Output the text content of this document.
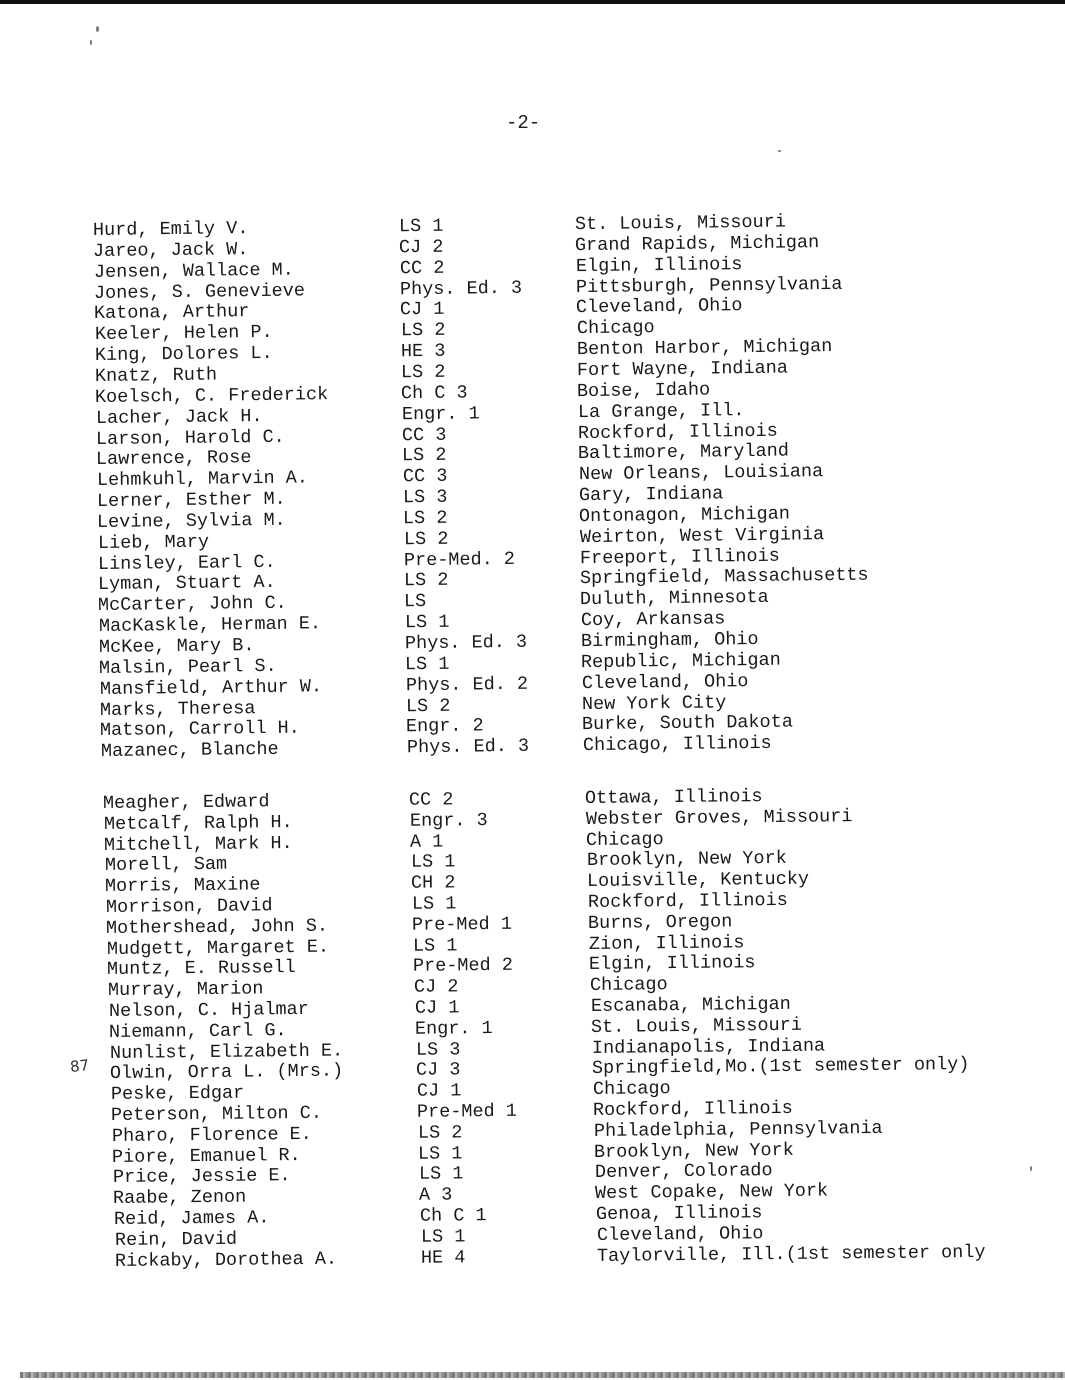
-2-
87
Hurd, Emily V.	LS 1	St. Louis, Missouri
Jareo, Jack W.	CJ 2	Grand Rapids, Michigan
Jensen, Wallace M.	CC 2	Elgin, Illinois
Jones, S. Genevieve	Phys. Ed. 3	Pittsburgh, Pennsylvania
Katona, Arthur	CJ 1	Cleveland, Ohio
Keeler, Helen P.	LS 2	Chicago
King, Dolores L.	HE 3	Benton Harbor, Michigan
Knatz, Ruth	LS 2	Fort Wayne, Indiana
Koelsch, C. Frederick	Ch C 3	Boise, Idaho
Lacher, Jack H.	Engr. 1	La Grange, Ill.
Larson, Harold C.	CC 3	Rockford, Illinois
Lawrence, Rose	LS 2	Baltimore, Maryland
Lehmkuhl, Marvin A.	CC 3	New Orleans, Louisiana
Lerner, Esther M.	LS 3	Gary, Indiana
Levine, Sylvia M.	LS 2	Ontonagon, Michigan
Lieb, Mary	LS 2	Weirton, West Virginia
Linsley, Earl C.	Pre-Med. 2	Freeport, Illinois
Lyman, Stuart A.	LS 2	Springfield, Massachusetts
McCarter, John C.	LS	Duluth, Minnesota
MacKaskle, Herman E.	LS 1	Coy, Arkansas
McKee, Mary B.	Phys. Ed. 3	Birmingham, Ohio
Malsin, Pearl S.	LS 1	Republic, Michigan
Mansfield, Arthur W.	Phys. Ed. 2	Cleveland, Ohio
Marks, Theresa	LS 2	New York City
Matson, Carroll H.	Engr. 2	Burke, South Dakota
Mazanec, Blanche	Phys. Ed. 3	Chicago, Illinois
Meagher, Edward	CC 2	Ottawa, Illinois
Metcalf, Ralph H.	Engr. 3	Webster Groves, Missouri
Mitchell, Mark H.	A 1	Chicago
Morell, Sam	LS 1	Brooklyn, New York
Morris, Maxine	CH 2	Louisville, Kentucky
Morrison, David	LS 1	Rockford, Illinois
Mothershead, John S.	Pre-Med 1	Burns, Oregon
Mudgett, Margaret E.	LS 1	Zion, Illinois
Muntz, E. Russell	Pre-Med 2	Elgin, Illinois
Murray, Marion	CJ 2	Chicago
Nelson, C. Hjalmar	CJ 1	Escanaba, Michigan
Niemann, Carl G.	Engr. 1	St. Louis, Missouri
Nunlist, Elizabeth E.	LS 3	Indianapolis, Indiana
Olwin, Orra L. (Mrs.)	CJ 3	Springfield,Mo.(1st semester only)
Peske, Edgar	CJ 1	Chicago
Peterson, Milton C.	Pre-Med 1	Rockford, Illinois
Pharo, Florence E.	LS 2	Philadelphia, Pennsylvania
Piore, Emanuel R.	LS 1	Brooklyn, New York
Price, Jessie E.	LS 1	Denver, Colorado
Raabe, Zenon	A 3	West Copake, New York
Reid, James A.	Ch C 1	Genoa, Illinois
Rein, David	LS 1	Cleveland, Ohio
Rickaby, Dorothea A.	HE 4	Taylorville, Ill.(1st semester only
